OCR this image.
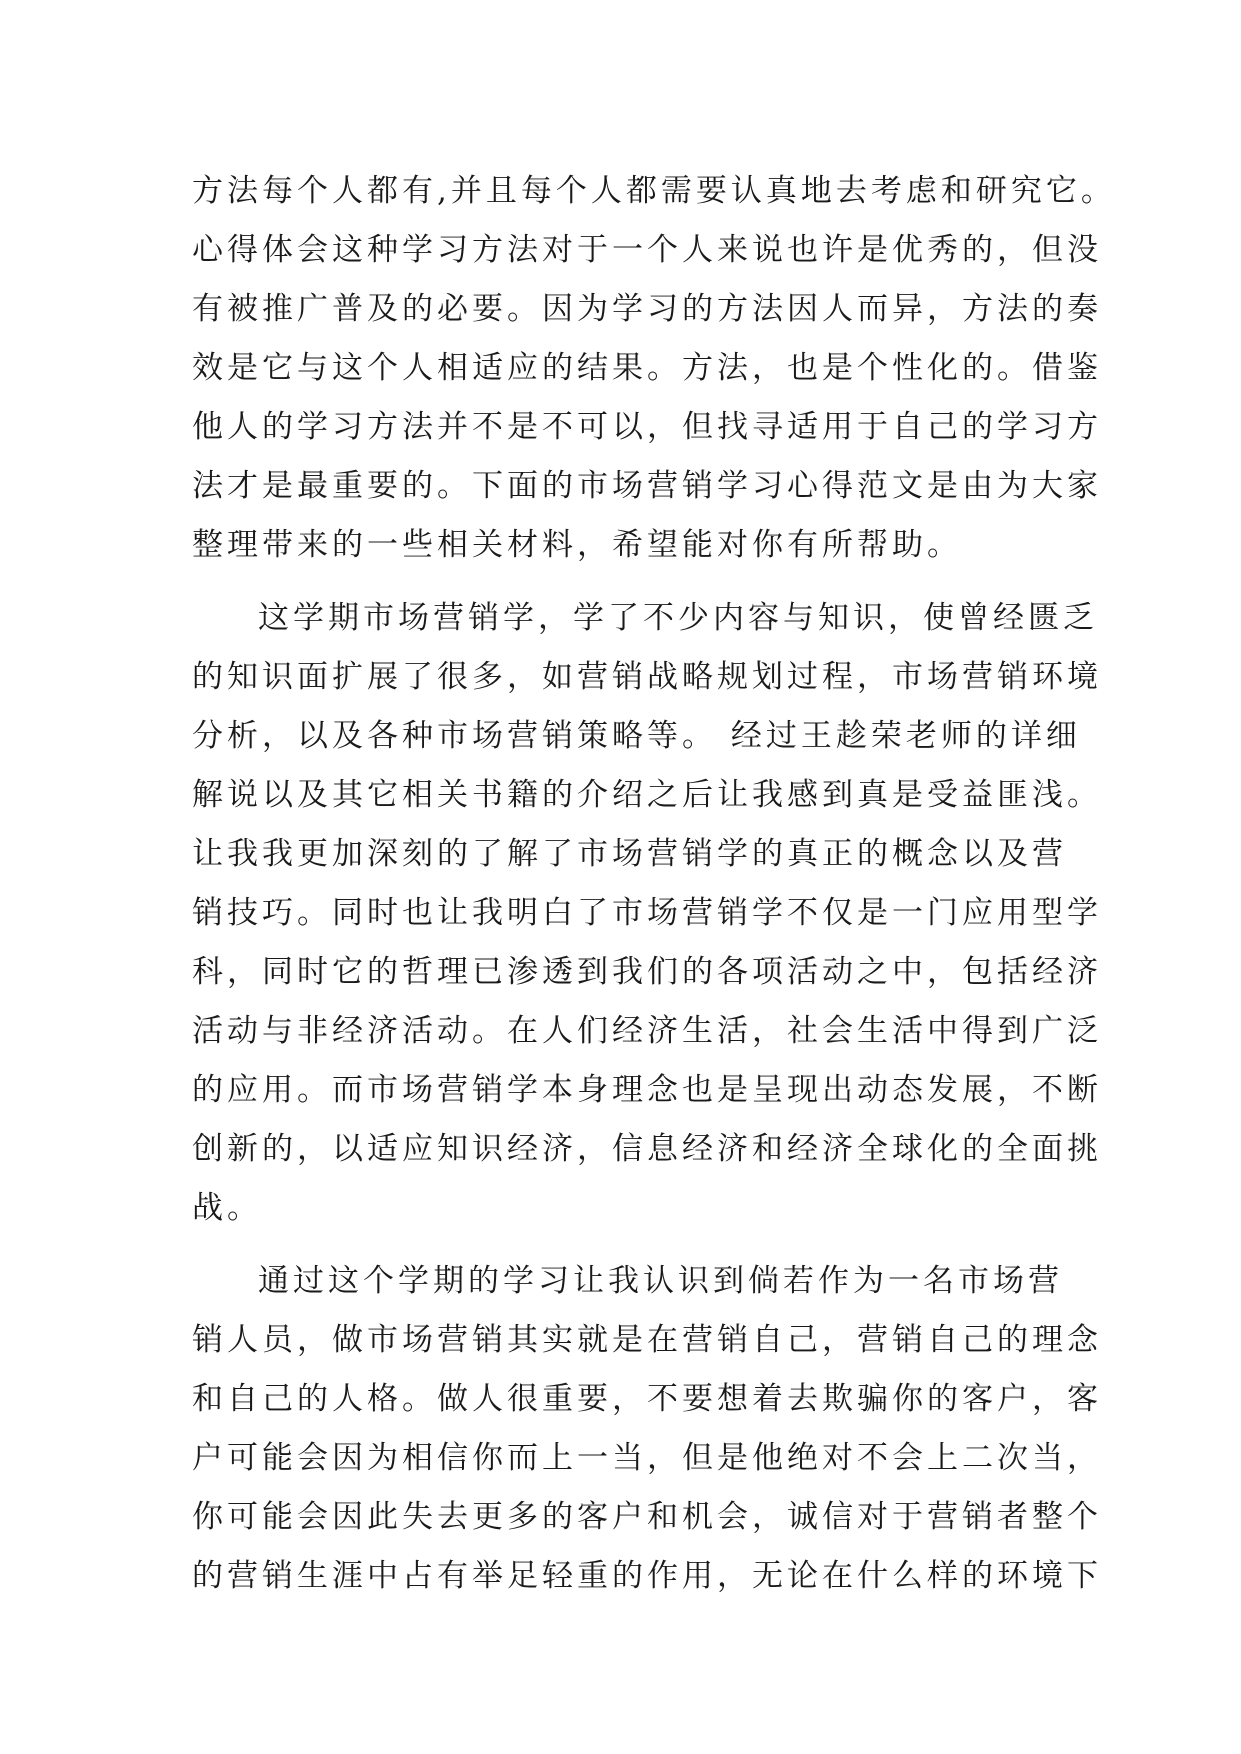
方法每个人都有,并且每个人都需要认真地去考虑和研究它。
心得体会这种学习方法对于一个人来说也许是优秀的，但没
有被推广普及的必要。因为学习的方法因人而异，方法的奏
效是它与这个人相适应的结果。方法，也是个性化的。借鉴
他人的学习方法并不是不可以，但找寻适用于自己的学习方
法才是最重要的。下面的市场营销学习心得范文是由为大家
整理带来的一些相关材料，希望能对你有所帮助。
这学期市场营销学，学了不少内容与知识，使曾经匮乏
的知识面扩展了很多，如营销战略规划过程，市场营销环境
分析，以及各种市场营销策略等。 经过王趁荣老师的详细
解说以及其它相关书籍的介绍之后让我感到真是受益匪浅。
让我我更加深刻的了解了市场营销学的真正的概念以及营
销技巧。同时也让我明白了市场营销学不仅是一门应用型学
科，同时它的哲理已渗透到我们的各项活动之中，包括经济
活动与非经济活动。在人们经济生活，社会生活中得到广泛
的应用。而市场营销学本身理念也是呈现出动态发展，不断
创新的，以适应知识经济，信息经济和经济全球化的全面挑
战。
通过这个学期的学习让我认识到倘若作为一名市场营
销人员，做市场营销其实就是在营销自己，营销自己的理念
和自己的人格。做人很重要，不要想着去欺骗你的客户，客
户可能会因为相信你而上一当，但是他绝对不会上二次当，
你可能会因此失去更多的客户和机会，诚信对于营销者整个
的营销生涯中占有举足轻重的作用，无论在什么样的环境下
